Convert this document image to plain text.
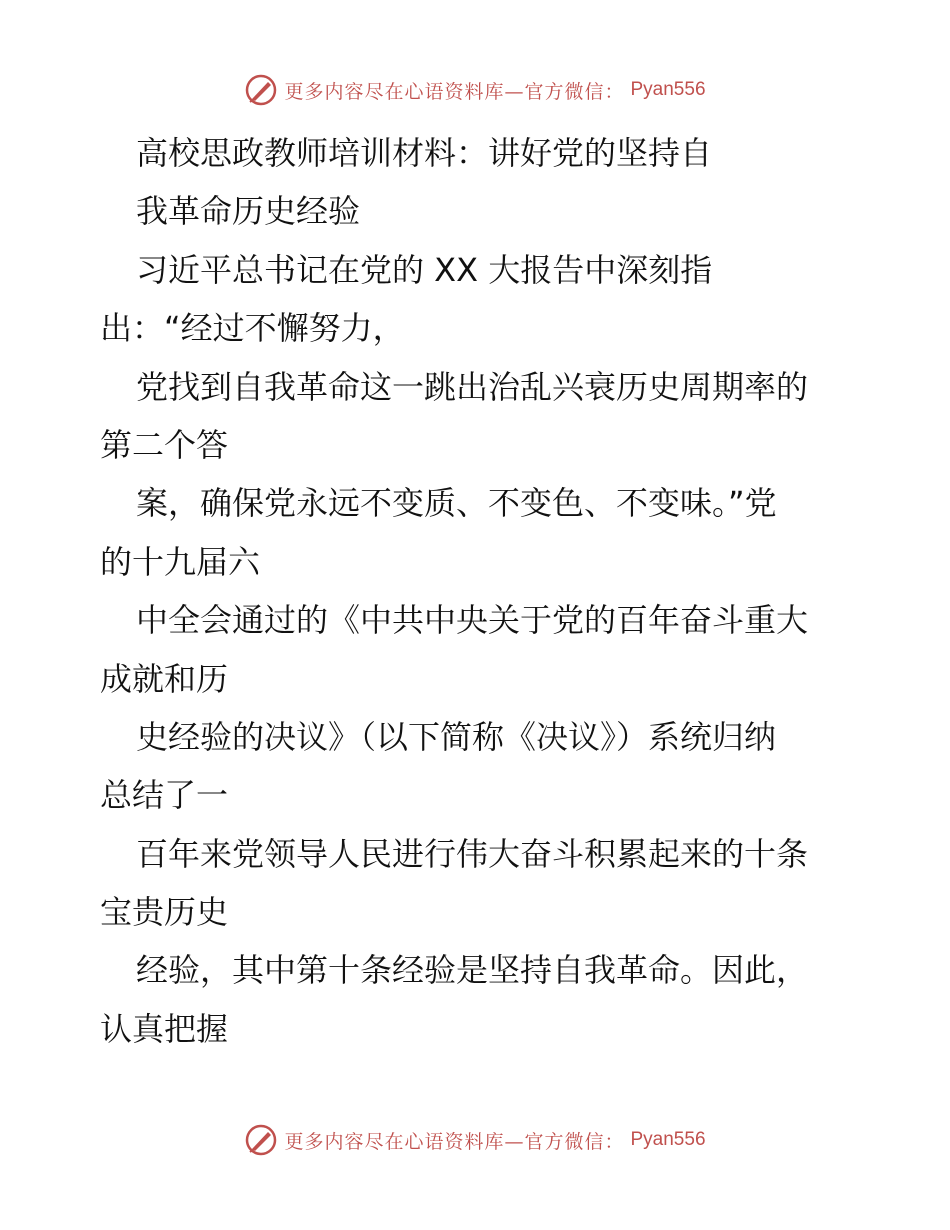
更多内容尽在心语资料库—官方微信： Pyan556
高校思政教师培训材料：讲好党的坚持自
我革命历史经验
习近平总书记在党的 XX 大报告中深刻指
出：“经过不懈努力，
党找到自我革命这一跳出治乱兴衰历史周期率的
第二个答
案，确保党永远不变质、不变色、不变味。”党
的十九届六
中全会通过的《中共中央关于党的百年奋斗重大
成就和历
史经验的决议》（以下简称《决议》）系统归纳
总结了一
百年来党领导人民进行伟大奋斗积累起来的十条
宝贵历史
经验，其中第十条经验是坚持自我革命。因此，
认真把握
更多内容尽在心语资料库—官方微信： Pyan556
